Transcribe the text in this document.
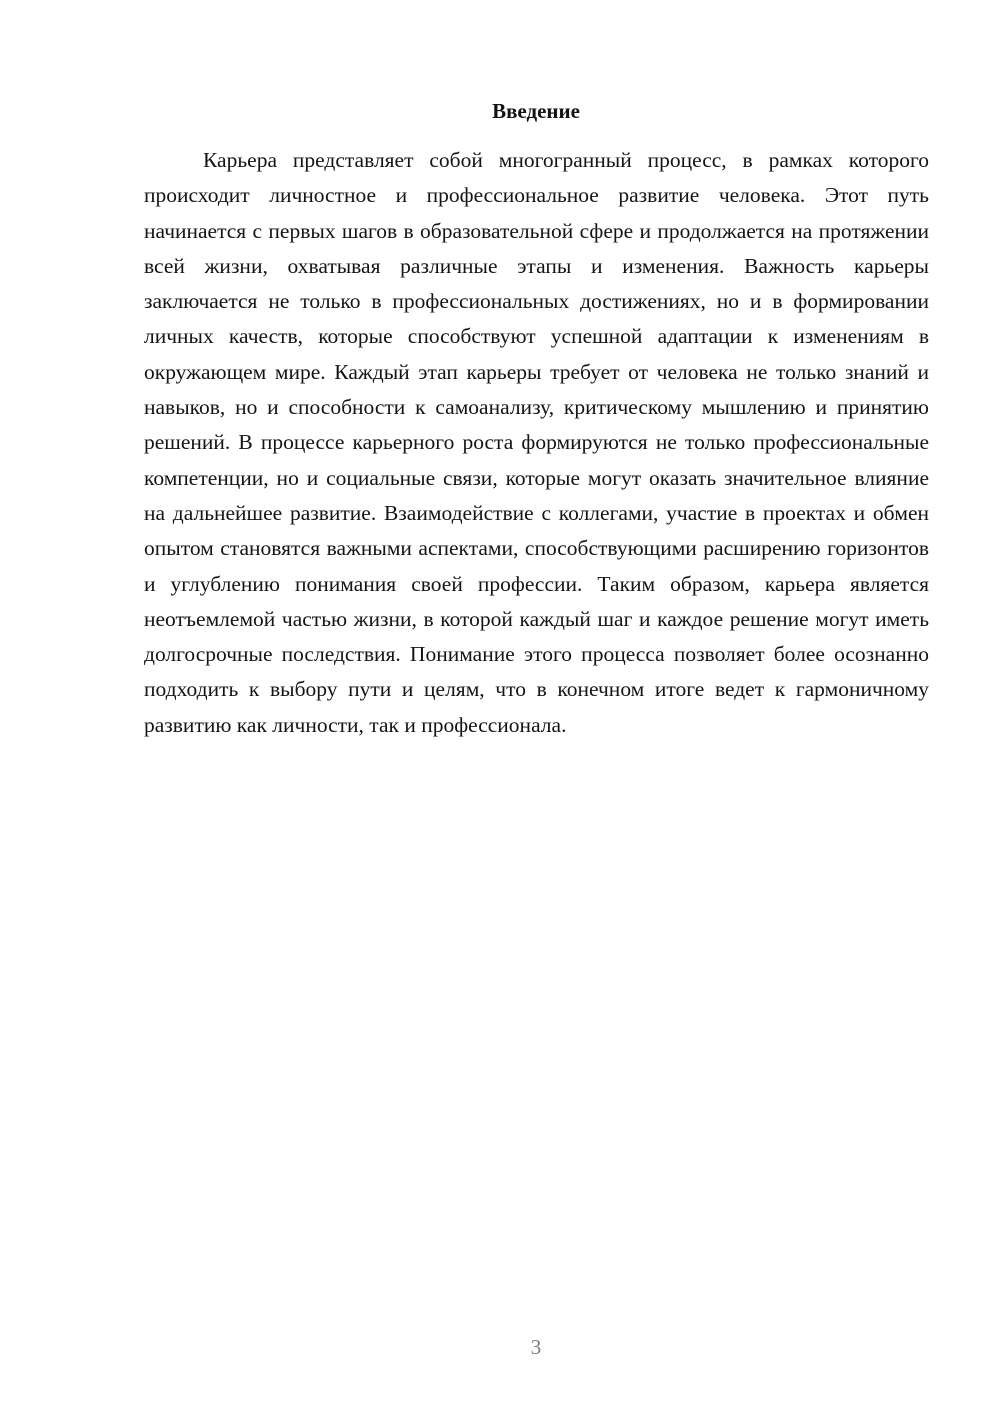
Введение

Карьера представляет собой многогранный процесс, в рамках которого происходит личностное и профессиональное развитие человека. Этот путь начинается с первых шагов в образовательной сфере и продолжается на протяжении всей жизни, охватывая различные этапы и изменения. Важность карьеры заключается не только в профессиональных достижениях, но и в формировании личных качеств, которые способствуют успешной адаптации к изменениям в окружающем мире. Каждый этап карьеры требует от человека не только знаний и навыков, но и способности к самоанализу, критическому мышлению и принятию решений. В процессе карьерного роста формируются не только профессиональные компетенции, но и социальные связи, которые могут оказать значительное влияние на дальнейшее развитие. Взаимодействие с коллегами, участие в проектах и обмен опытом становятся важными аспектами, способствующими расширению горизонтов и углублению понимания своей профессии. Таким образом, карьера является неотъемлемой частью жизни, в которой каждый шаг и каждое решение могут иметь долгосрочные последствия. Понимание этого процесса позволяет более осознанно подходить к выбору пути и целям, что в конечном итоге ведет к гармоничному развитию как личности, так и профессионала.

3
